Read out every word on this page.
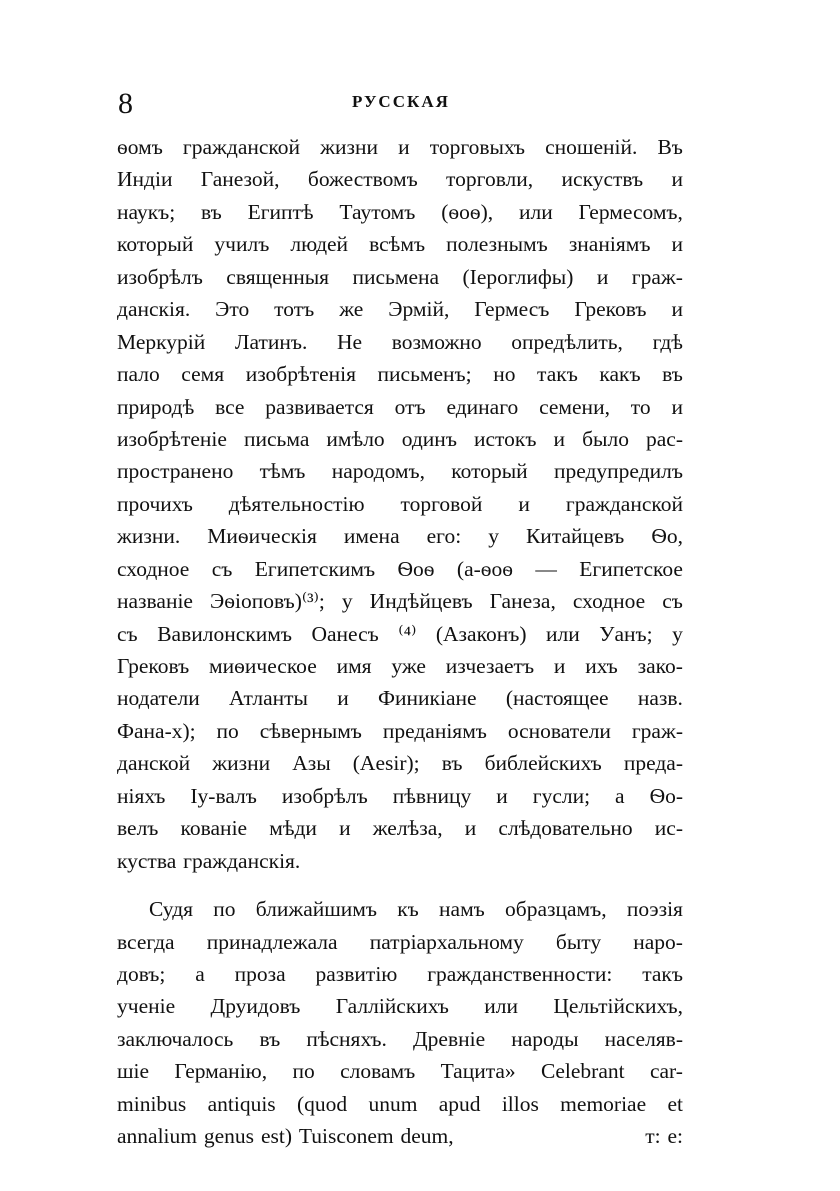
8	РУССКАЯ
ѳомъ гражданской жизни и торговыхъ сношеній. Въ
Индіи Ганезой, божествомъ торговли, искуствъ и
наукъ; въ Египтѣ Таутомъ (ѳоѳ), или Гермесомъ,
который училъ людей всѣмъ полезнымъ знаніямъ и
изобрѣлъ священныя письмена (Іероглифы) и граж-
данскія. Это тотъ же Эрмій, Гермесъ Грековъ и
Меркурій Латинъ. Не возможно опредѣлить, гдѣ
пало семя изобрѣтенія письменъ; но такъ какъ въ
природѣ все развивается отъ единаго семени, то и
изобрѣтеніе письма имѣло одинъ истокъ и было рас-
пространено тѣмъ народомъ, который предупредилъ
прочихъ дѣятельностію торговой и гражданской
жизни. Миѳическія имена его: у Китайцевъ Ѳо,
сходное съ Египетскимъ Ѳоѳ (а-ѳоѳ — Египетское
названіе Эѳіоповъ)⁽³⁾; у Индѣйцевъ Ганеза, сходное съ
съ Вавилонскимъ Оанесъ ⁽⁴⁾ (Азаконъ) или Уанъ; у
Грековъ миѳическое имя уже изчезаетъ и ихъ зако-
нодатели Атланты и Финикіане (настоящее назв.
Фана-х); по сѣвернымъ преданіямъ основатели граж-
данской жизни Азы (Aesir); въ библейскихъ преда-
ніяхъ Іу-валъ изобрѣлъ пѣвницу и гусли; а Ѳо-
велъ кованіе мѣди и желѣза, и слѣдовательно ис-
куства гражданскія.
Судя по ближайшимъ къ намъ образцамъ, поэзія
всегда принадлежала патріархальному быту наро-
довъ; а проза развитію гражданственности: такъ
ученіе Друидовъ Галлійскихъ или Цельтійскихъ,
заключалось въ пѣсняхъ. Древніе народы населяв-
шіе Германію, по словамъ Тацита» Celebrant car-
minibus antiquis (quod unum apud illos memoriae et
annalium genus est) Tuisconem deum,	т: e:
